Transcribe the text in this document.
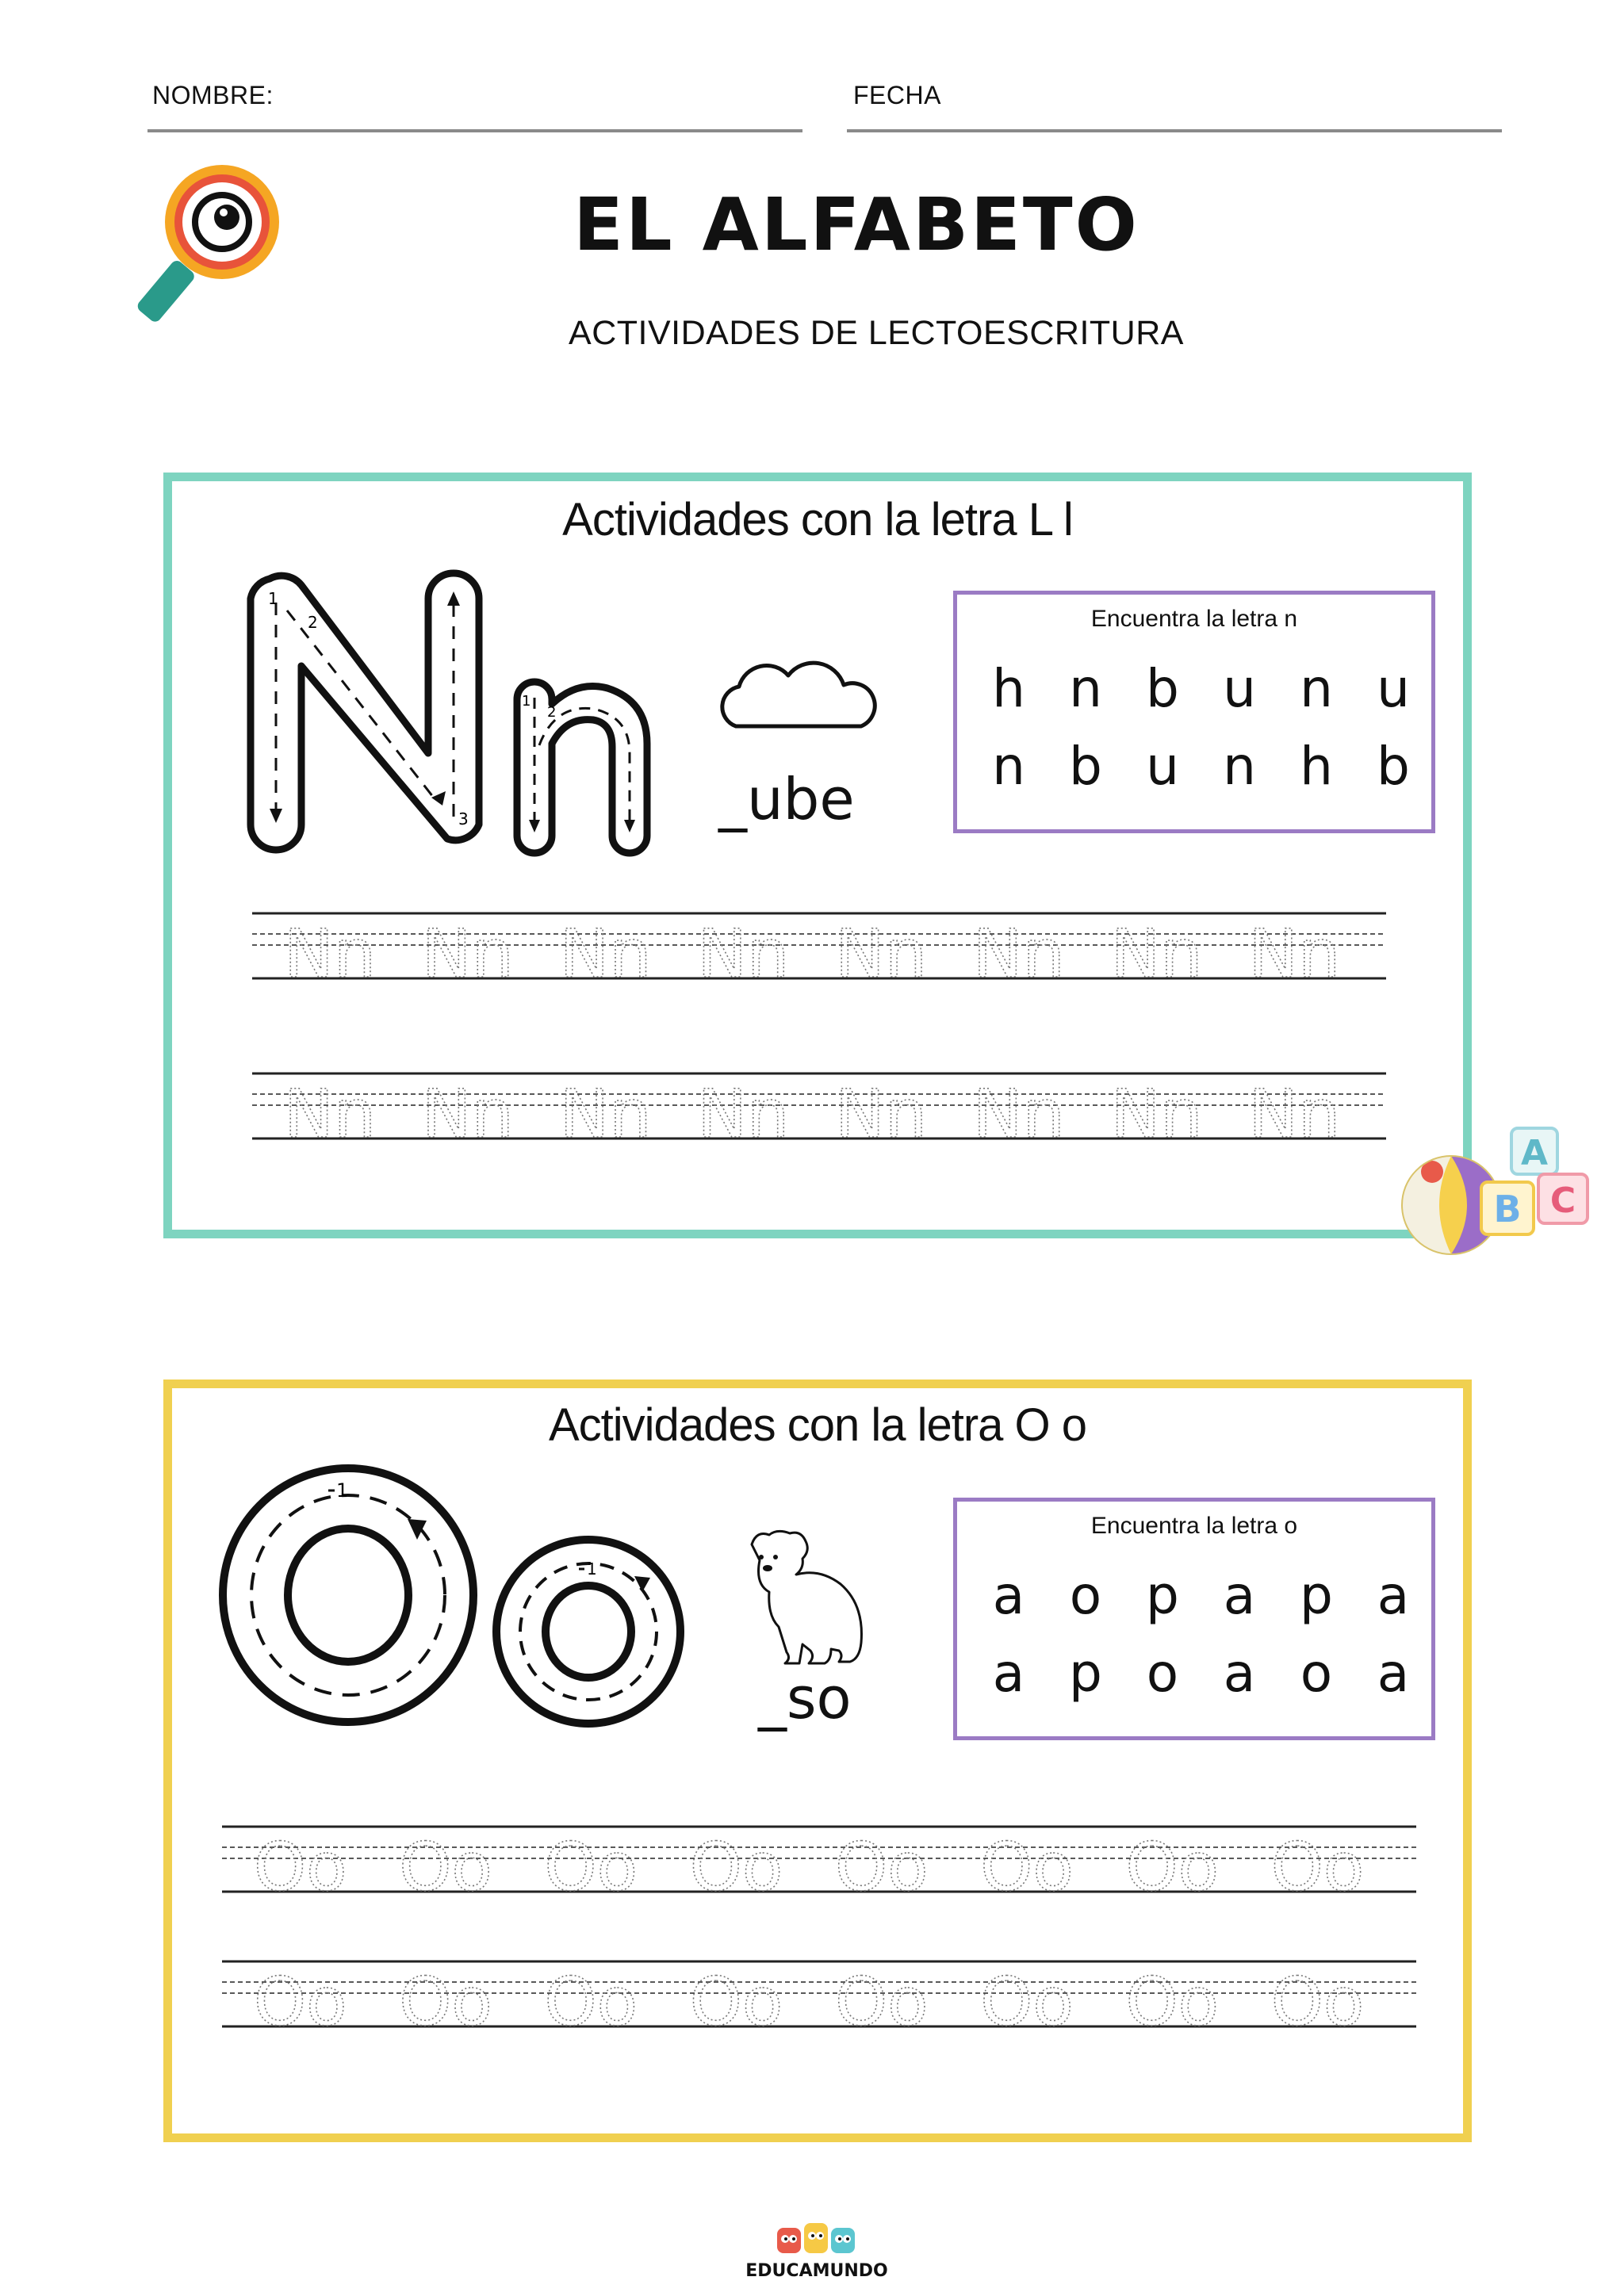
NOMBRE:	FECHA
EL ALFABETO
ACTIVIDADES DE LECTOESCRITURA
Actividades con la letra L l
1
2
3
1
2
_ube
Encuentra la letra n
h n b u n u
n b u n h b
Nn Nn Nn Nn Nn Nn Nn Nn
Nn Nn Nn Nn Nn Nn Nn Nn
A
B C
Actividades con la letra O o
1
1
_so
Encuentra la letra o
a o p a p a
a p o a o a
Oo Oo Oo Oo Oo Oo Oo Oo
Oo Oo Oo Oo Oo Oo Oo Oo
EDUCAMUNDO
